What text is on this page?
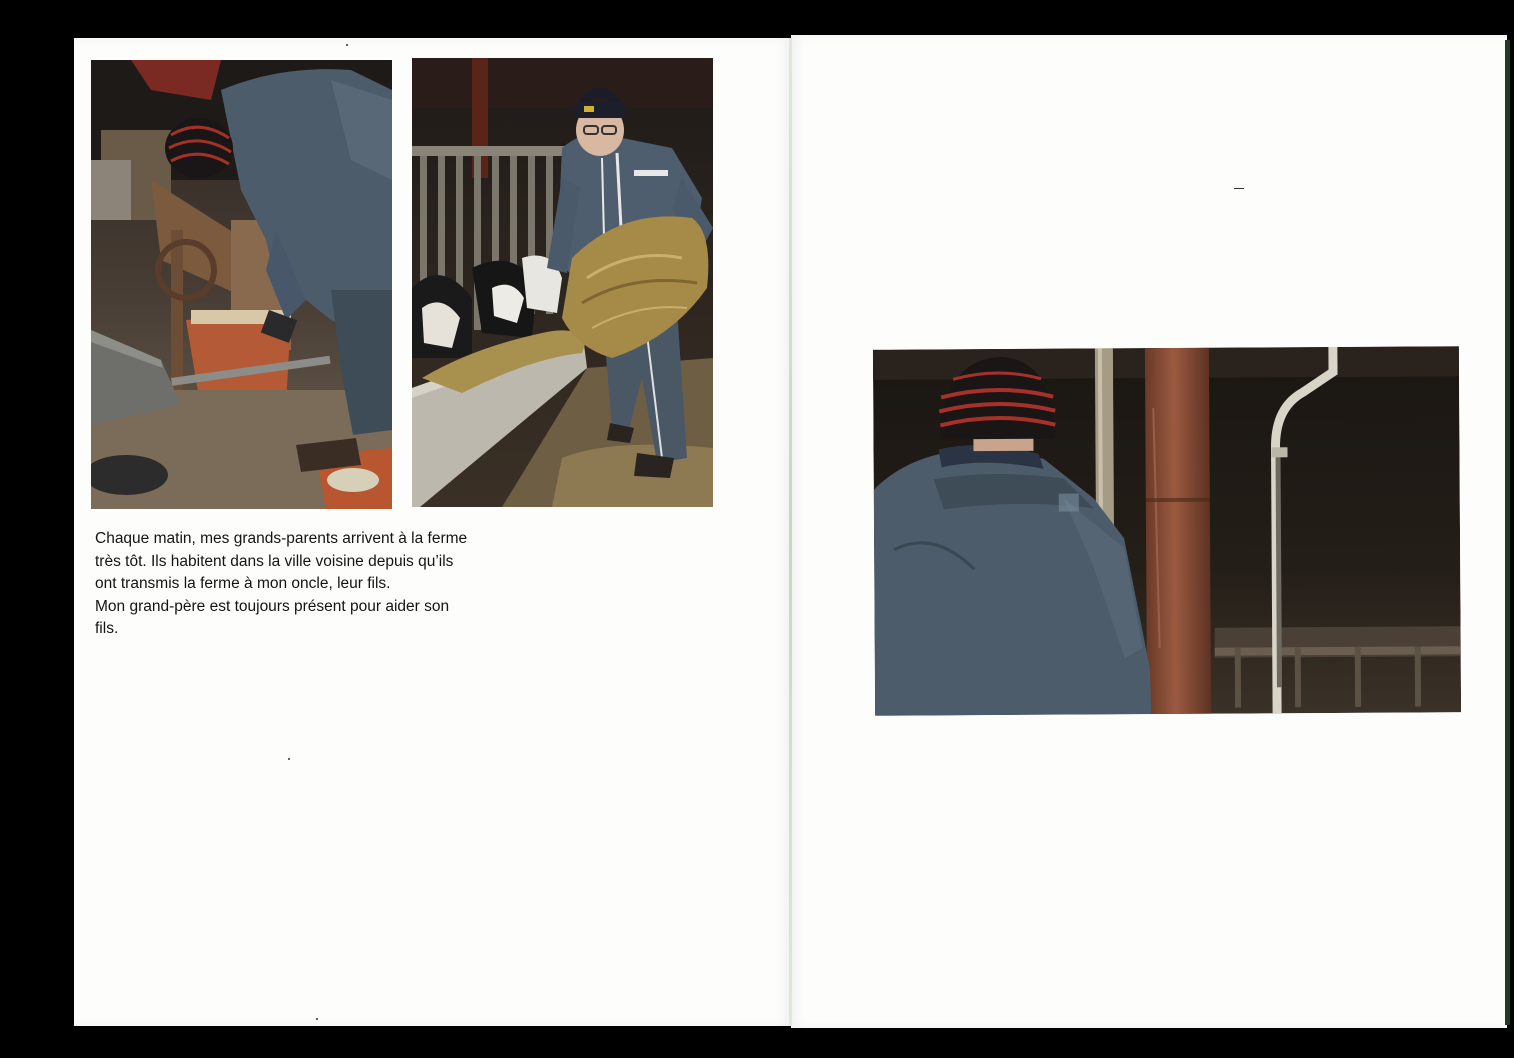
Chaque matin, mes grands-parents arrivent à la ferme

très tôt. Ils habitent dans la ville voisine depuis qu’ils

ont transmis la ferme à mon oncle, leur fils.

Mon grand-père est toujours présent pour aider son

fils.
